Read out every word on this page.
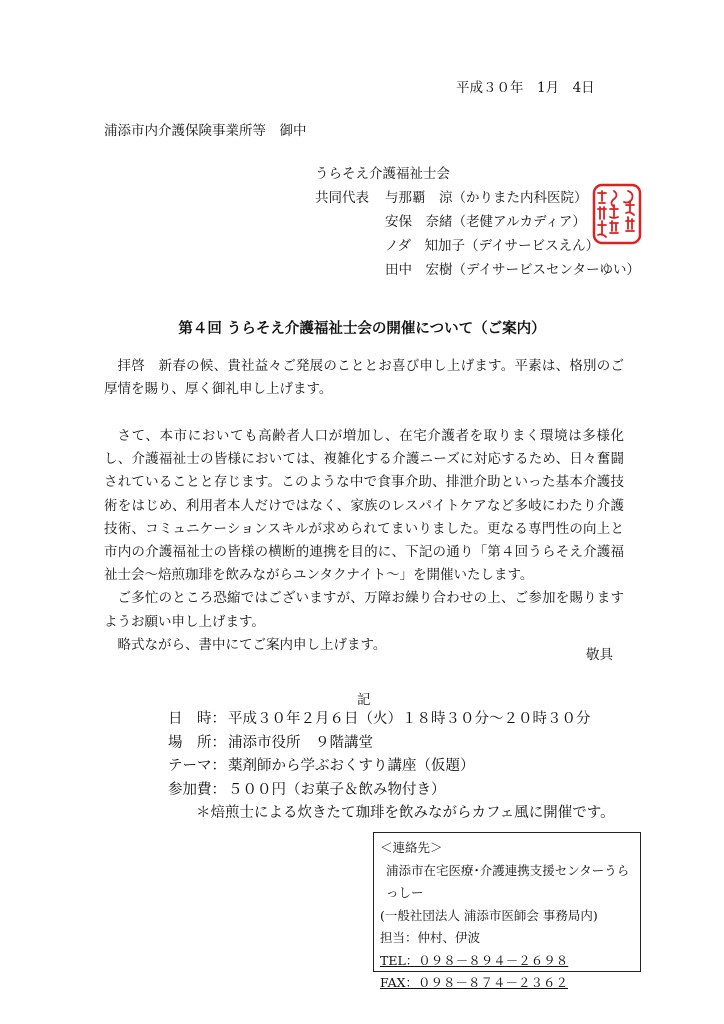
平成３０年　1月　4日
浦添市内介護保険事業所等　御中
うらそえ介護福祉士会
共同代表 与那覇　涼（かりまた内科医院）
安保　奈緒（老健アルカディア）
ノダ　知加子（デイサービスえん）
田中　宏樹（デイサービスセンターゆい）
第４回 うらそえ介護福祉士会の開催について（ご案内）

拝啓　新春の候、貴社益々ご発展のこととお喜び申し上げます。平素は、格別のご厚情を賜り、厚く御礼申し上げます。

さて、本市においても高齢者人口が増加し、在宅介護者を取りまく環境は多様化し、介護福祉士の皆様においては、複雑化する介護ニーズに対応するため、日々奮闘されていることと存じます。このような中で食事介助、排泄介助といった基本介護技術をはじめ、利用者本人だけではなく、家族のレスパイトケアなど多岐にわたり介護技術、コミュニケーションスキルが求められてまいりました。更なる専門性の向上と市内の介護福祉士の皆様の横断的連携を目的に、下記の通り「第４回うらそえ介護福祉士会～焙煎珈琲を飲みながらユンタクナイト～」を開催いたします。

ご多忙のところ恐縮ではございますが、万障お繰り合わせの上、ご参加を賜りますようお願い申し上げます。

略式ながら、書中にてご案内申し上げます。

敬具
記
日　時： 平成３０年２月６日（火）１８時３０分～２０時３０分
場　所： 浦添市役所　９階講堂
テーマ： 薬剤師から学ぶおくすり講座（仮題）
参加費： ５００円（お菓子＆飲み物付き）
＊焙煎士による炊きたて珈琲を飲みながらカフェ風に開催です。
＜連絡先＞
浦添市在宅医療･介護連携支援センターうらっしー
(一般社団法人 浦添市医師会 事務局内)
担当：仲村、伊波
TEL：０９８－８９４－２６９８
FAX：０９８－８７４－２３６２
